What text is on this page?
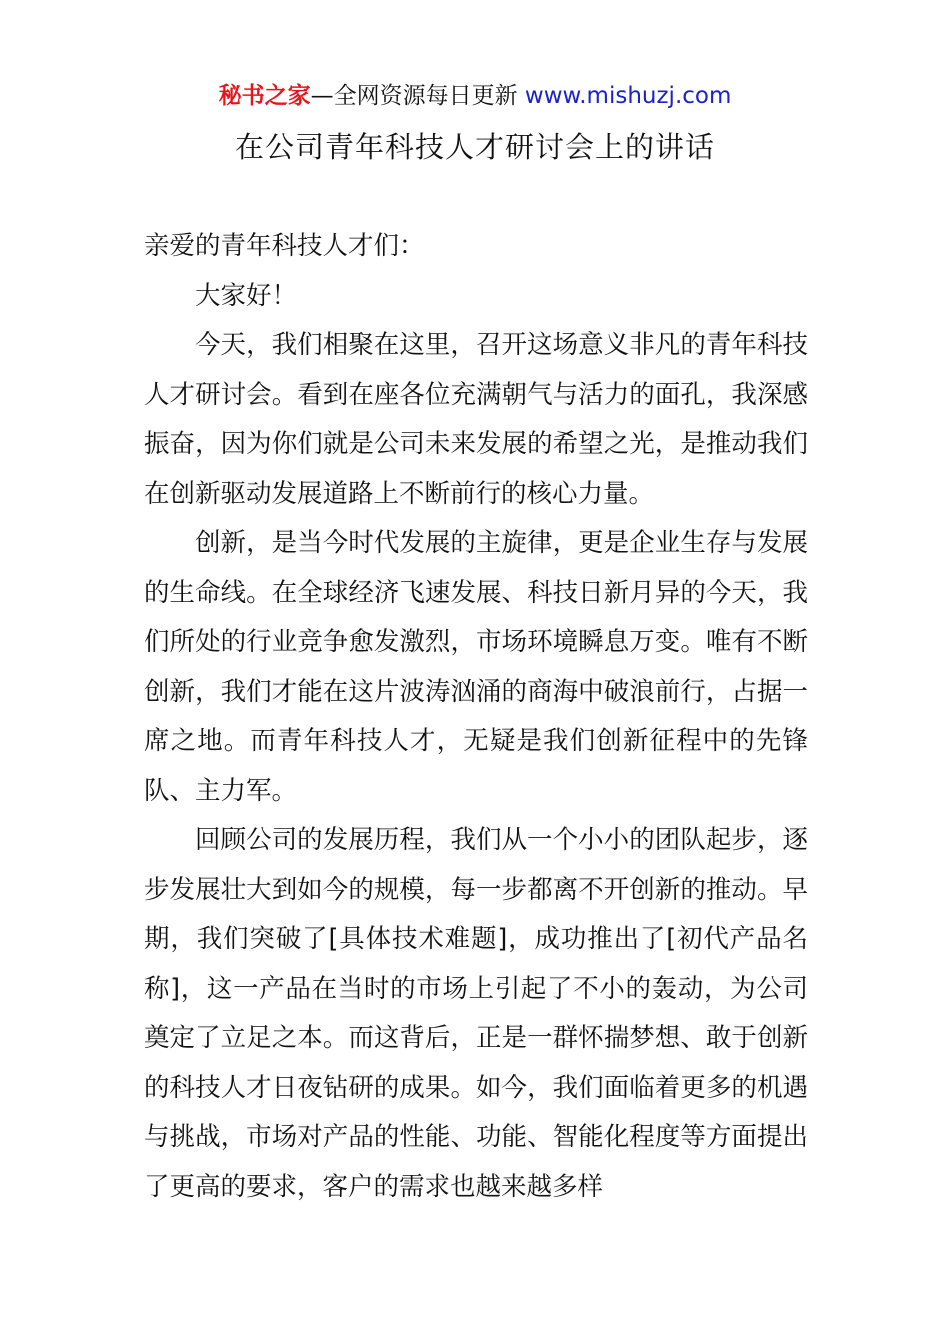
秘书之家—全网资源每日更新 www.mishuzj.com
在公司青年科技人才研讨会上的讲话

亲爱的青年科技人才们：

大家好！

今天，我们相聚在这里，召开这场意义非凡的青年科技人才研讨会。看到在座各位充满朝气与活力的面孔，我深感振奋，因为你们就是公司未来发展的希望之光，是推动我们在创新驱动发展道路上不断前行的核心力量。

创新，是当今时代发展的主旋律，更是企业生存与发展的生命线。在全球经济飞速发展、科技日新月异的今天，我们所处的行业竞争愈发激烈，市场环境瞬息万变。唯有不断创新，我们才能在这片波涛汹涌的商海中破浪前行，占据一席之地。而青年科技人才，无疑是我们创新征程中的先锋队、主力军。

回顾公司的发展历程，我们从一个小小的团队起步，逐步发展壮大到如今的规模，每一步都离不开创新的推动。早期，我们突破了[具体技术难题]，成功推出了[初代产品名称]，这一产品在当时的市场上引起了不小的轰动，为公司奠定了立足之本。而这背后，正是一群怀揣梦想、敢于创新的科技人才日夜钻研的成果。如今，我们面临着更多的机遇与挑战，市场对产品的性能、功能、智能化程度等方面提出了更高的要求，客户的需求也越来越多样
